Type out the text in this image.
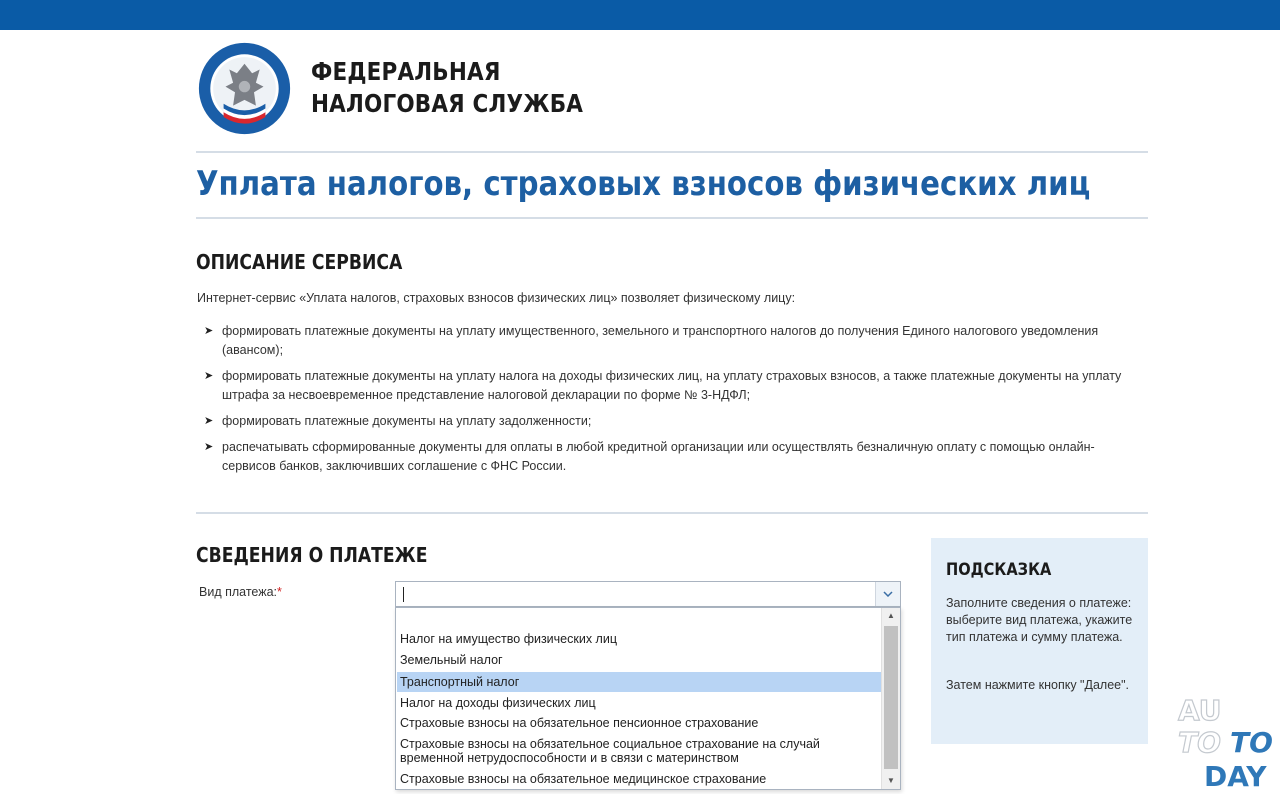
ФЕДЕРАЛЬНАЯ
НАЛОГОВАЯ СЛУЖБА
Уплата налогов, страховых взносов физических лиц
ОПИСАНИЕ СЕРВИСА
Интернет-сервис «Уплата налогов, страховых взносов физических лиц» позволяет физическому лицу:
➤ формировать платежные документы на уплату имущественного, земельного и транспортного налогов до получения Единого налогового уведомления (авансом);
➤ формировать платежные документы на уплату налога на доходы физических лиц, на уплату страховых взносов, а также платежные документы на уплату штрафа за несвоевременное представление налоговой декларации по форме № 3-НДФЛ;
➤ формировать платежные документы на уплату задолженности;
➤ распечатывать сформированные документы для оплаты в любой кредитной организации или осуществлять безналичную оплату с помощью онлайн-сервисов банков, заключивших соглашение с ФНС России.
СВЕДЕНИЯ О ПЛАТЕЖЕ
Вид платежа:*
Налог на имущество физических лиц
Земельный налог
Транспортный налог
Налог на доходы физических лиц
Страховые взносы на обязательное пенсионное страхование
Страховые взносы на обязательное социальное страхование на случай временной нетрудоспособности и в связи с материнством
Страховые взносы на обязательное медицинское страхование
▲
▼
ПОДСКАЗКА
Заполните сведения о платеже: выберите вид платежа, укажите тип платежа и сумму платежа.
Затем нажмите кнопку "Далее".
AU
TO TO
DAY
